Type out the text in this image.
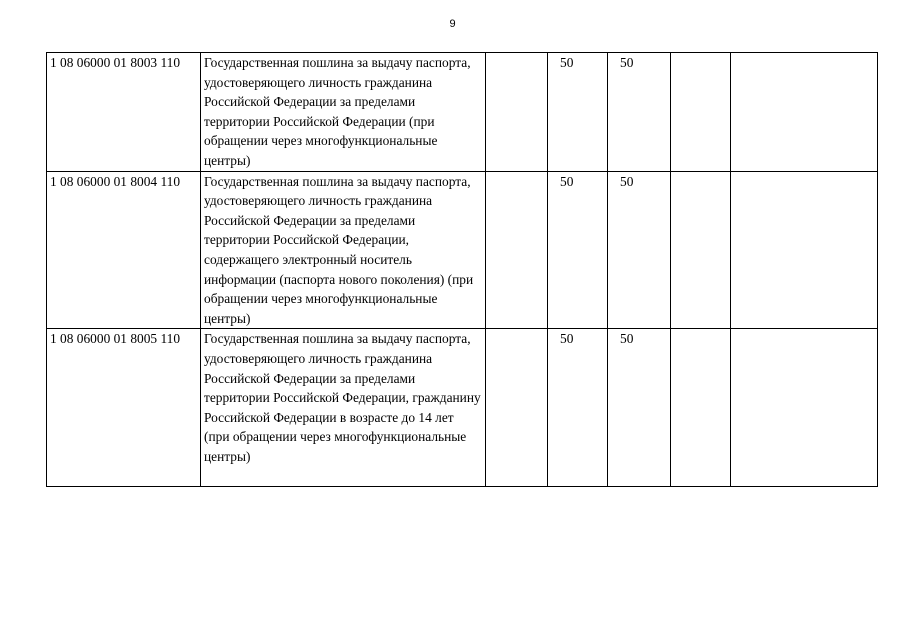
9
1 08 06000 01 8003 110	Государственная пошлина за выдачу паспорта, удостоверяющего личность гражданина Российской Федерации за пределами территории Российской Федерации (при обращении через многофункциональные центры)		50	50		
1 08 06000 01 8004 110	Государственная пошлина за выдачу паспорта, удостоверяющего личность гражданина Российской Федерации за пределами территории Российской Федерации, содержащего электронный носитель информации (паспорта нового поколения) (при обращении через многофункциональные центры)		50	50		
1 08 06000 01 8005 110	Государственная пошлина за выдачу паспорта, удостоверяющего личность гражданина Российской Федерации за пределами территории Российской Федерации, гражданину Российской Федерации в возрасте до 14 лет (при обращении через многофункциональные центры)		50	50		
